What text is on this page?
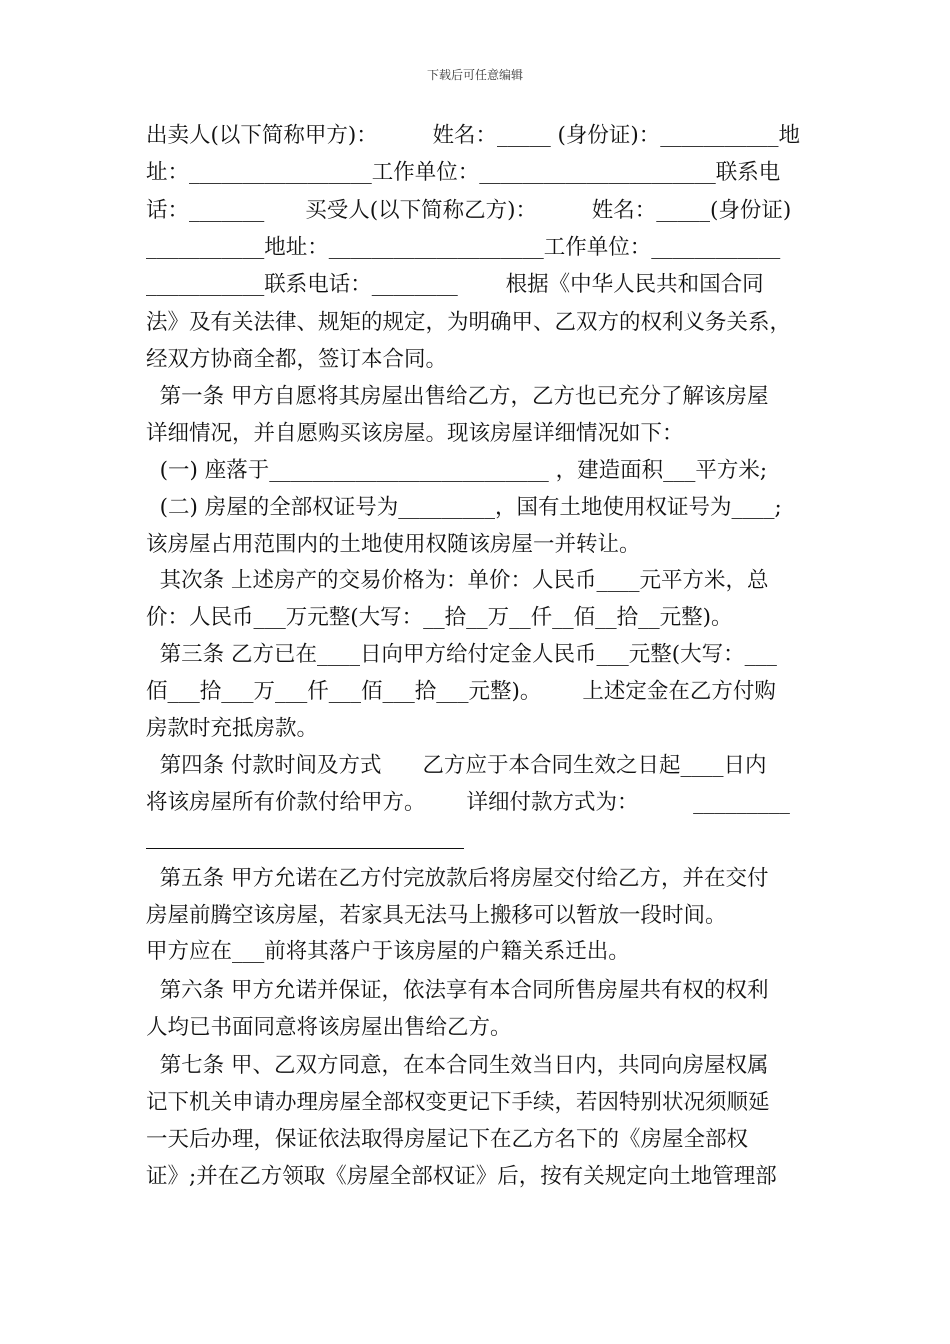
下载后可任意编辑
出卖人(以下简称甲方)：        姓名：_____ (身份证)：___________地
址：_________________工作单位：______________________联系电
话：_______      买受人(以下简称乙方)：        姓名：_____(身份证)
___________地址：____________________工作单位：____________
___________联系电话：________       根据《中华人民共和国合同
法》及有关法律、规矩的规定，为明确甲、乙双方的权利义务关系，
经双方协商全都，签订本合同。
第一条 甲方自愿将其房屋出售给乙方，乙方也已充分了解该房屋
详细情况，并自愿购买该房屋。现该房屋详细情况如下：
(一) 座落于__________________________ ，建造面积___平方米;
(二) 房屋的全部权证号为_________，国有土地使用权证号为____;
该房屋占用范围内的土地使用权随该房屋一并转让。
其次条 上述房产的交易价格为：单价：人民币____元平方米，总
价：人民币___万元整(大写：__拾__万__仟__佰__拾__元整)。
第三条 乙方已在____日向甲方给付定金人民币___元整(大写：___
佰___拾___万___仟___佰___拾___元整)。      上述定金在乙方付购
房款时充抵房款。
第四条 付款时间及方式      乙方应于本合同生效之日起____日内
将该房屋所有价款付给甲方。      详细付款方式为：        _________
第五条 甲方允诺在乙方付完放款后将房屋交付给乙方，并在交付
房屋前腾空该房屋，若家具无法马上搬移可以暂放一段时间。
甲方应在___前将其落户于该房屋的户籍关系迁出。
第六条 甲方允诺并保证，依法享有本合同所售房屋共有权的权利
人均已书面同意将该房屋出售给乙方。
第七条 甲、乙双方同意，在本合同生效当日内，共同向房屋权属
记下机关申请办理房屋全部权变更记下手续，若因特别状况须顺延
一天后办理，保证依法取得房屋记下在乙方名下的《房屋全部权
证》;并在乙方领取《房屋全部权证》后，按有关规定向土地管理部
